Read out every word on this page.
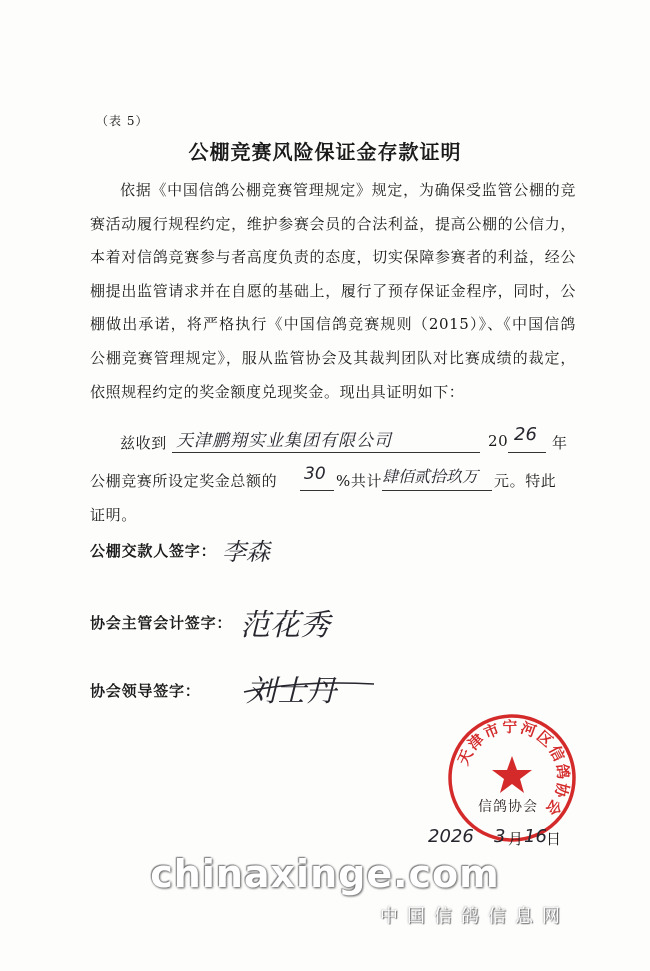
（表 5）
公棚竞赛风险保证金存款证明
依据《中国信鸽公棚竞赛管理规定》规定，为确保受监管公棚的竞赛活动履行规程约定，维护参赛会员的合法利益，提高公棚的公信力，本着对信鸽竞赛参与者高度负责的态度，切实保障参赛者的利益，经公棚提出监管请求并在自愿的基础上，履行了预存保证金程序，同时，公棚做出承诺，将严格执行《中国信鸽竞赛规则（2015）》、《中国信鸽公棚竞赛管理规定》，服从监管协会及其裁判团队对比赛成绩的裁定，依照规程约定的奖金额度兑现奖金。现出具证明如下：
兹收到 天津鹏翔实业集团有限公司	20 26 年
公棚竞赛所设定奖金总额的 30 %共计 肆佰贰拾玖万 元。特此
证明。
公棚交款人签字： 李森
协会主管会计签字： 范花秀
协会领导签字： 刘士丹
天津市宁河区信鸽协会
信鸽协会
2026 3 月 16 日
chinaxinge.com
中国信鸽信息网
